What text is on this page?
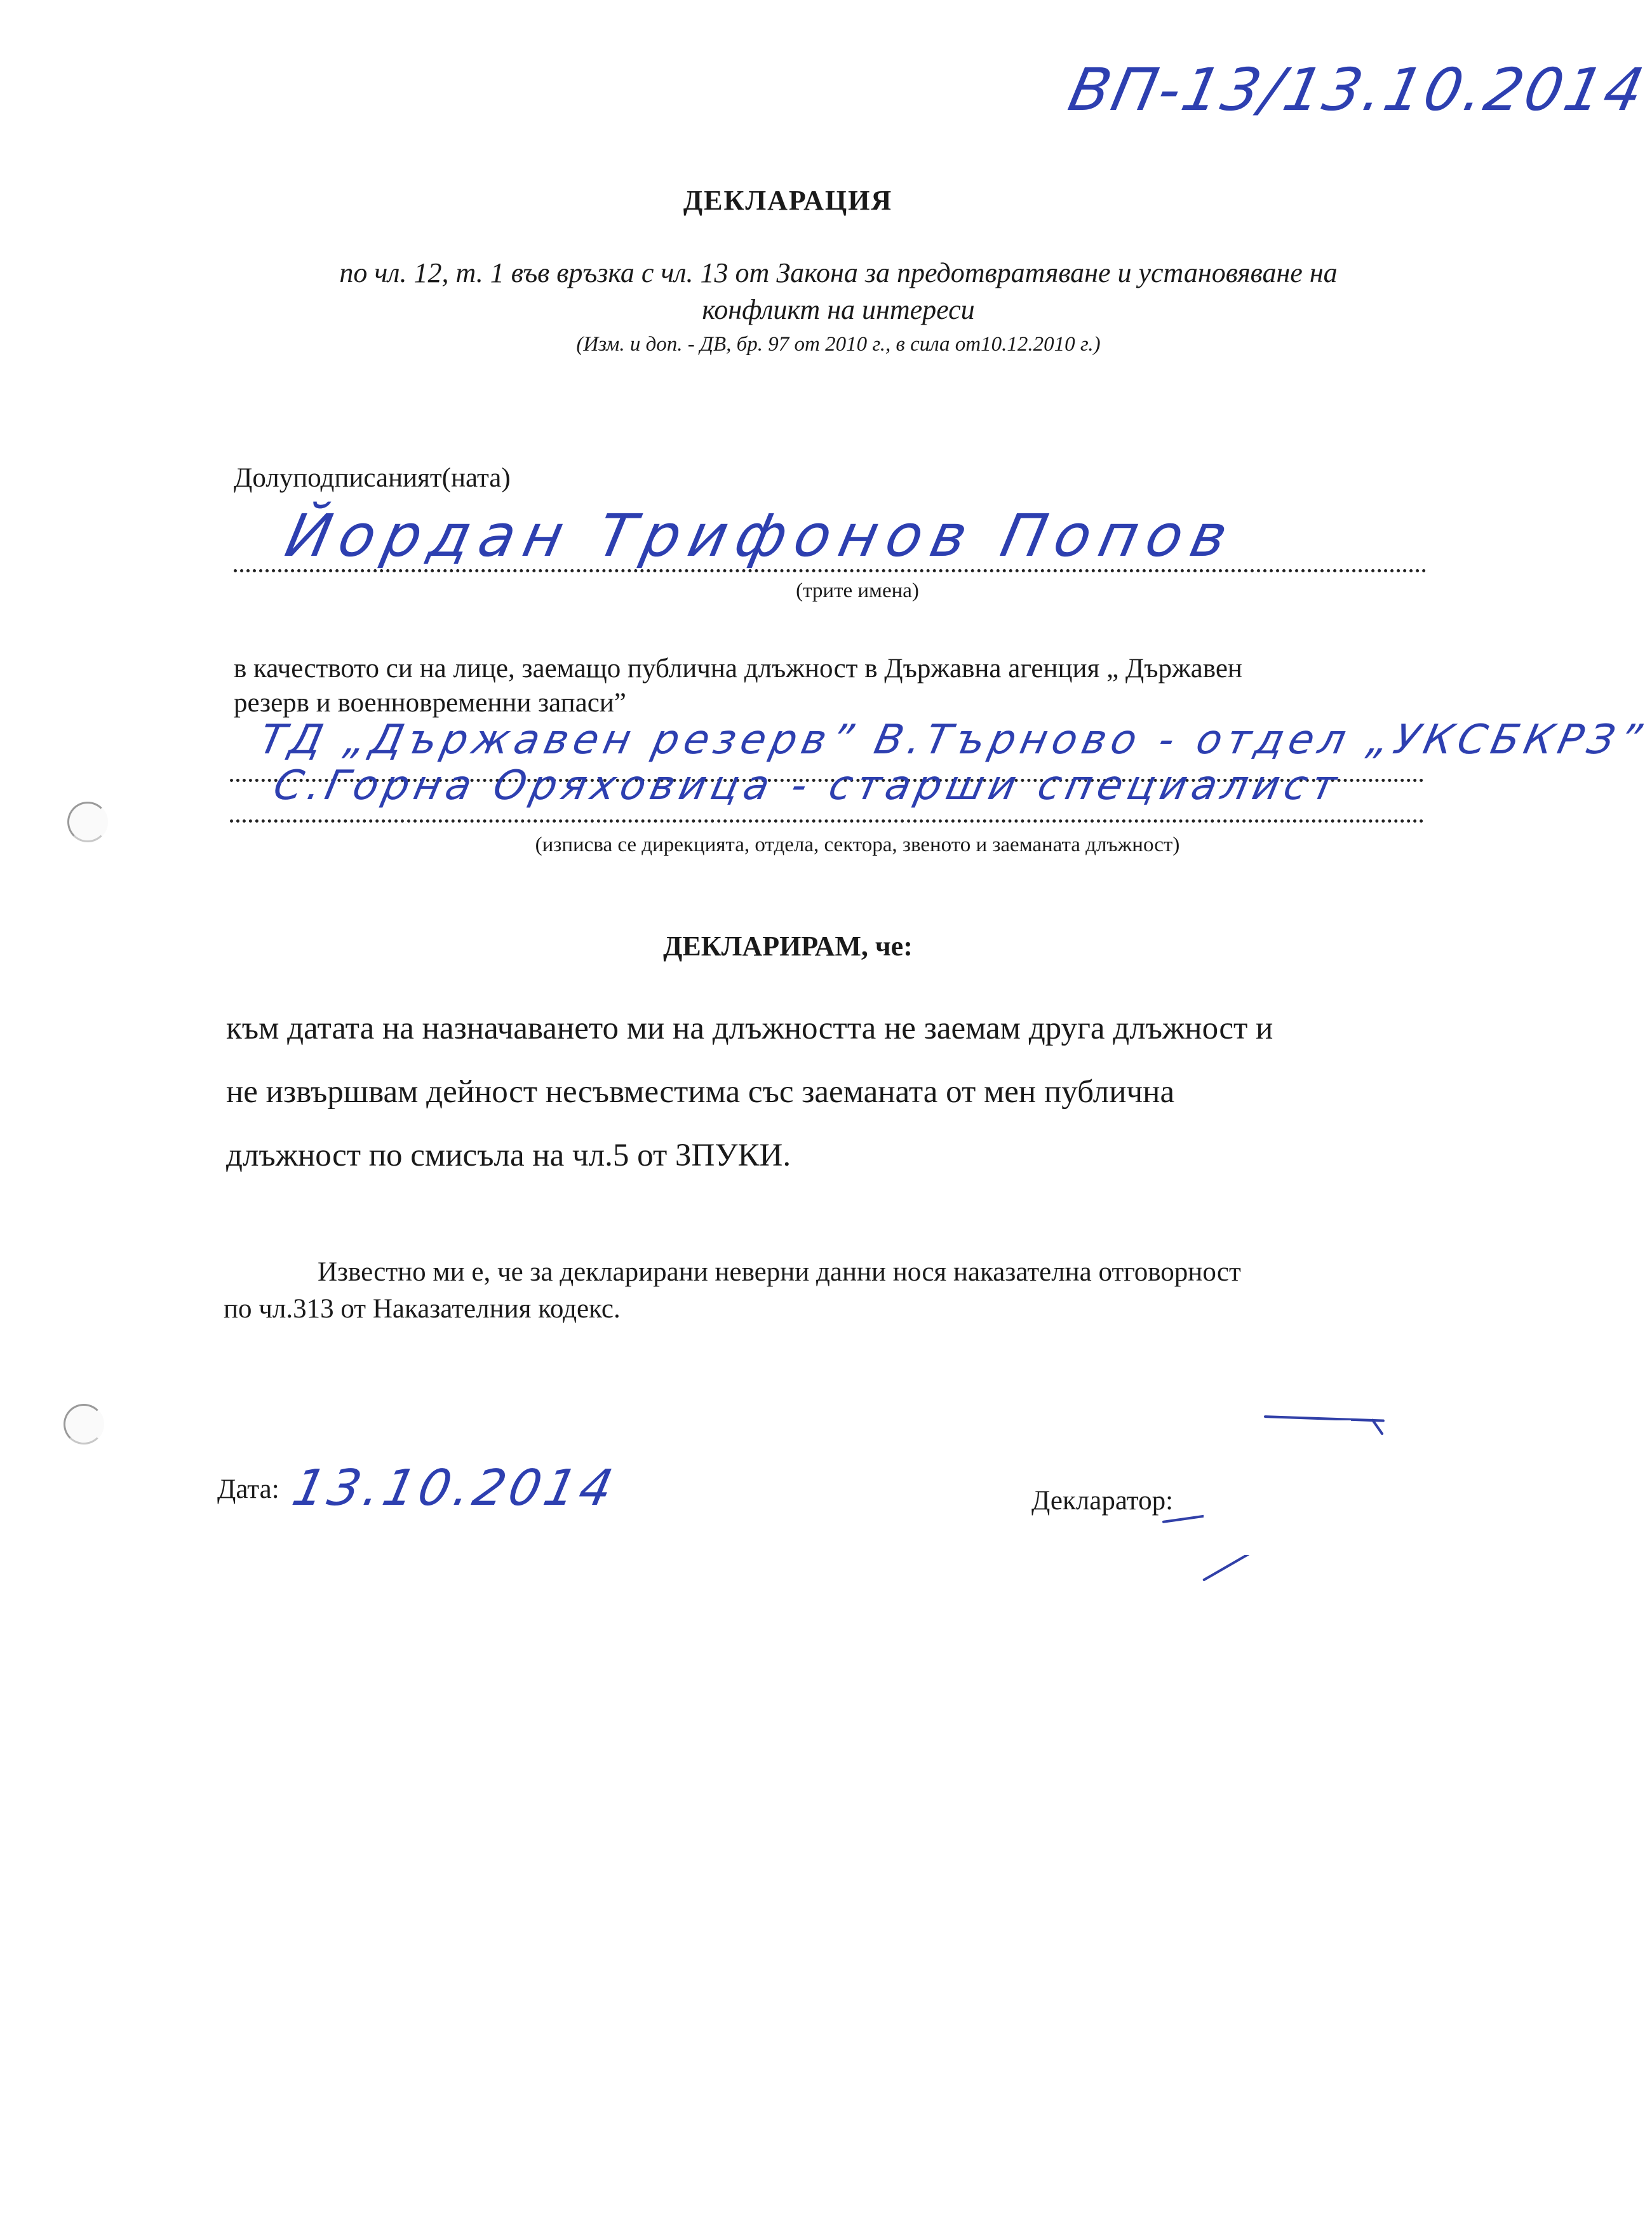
ВП-13/13.10.2014
ДЕКЛАРАЦИЯ
по чл. 12, т. 1 във връзка с чл. 13 от Закона за предотвратяване и установяване на
конфликт на интереси
(Изм. и доп. - ДВ, бр. 97 от 2010 г., в сила от10.12.2010 г.)
Долуподписаният(ната)
Йордан Трифонов Попов
(трите имена)
в качеството си на лице, заемащо публична длъжност в Държавна агенция „ Държавен
резерв и военновременни запаси”
ТД „Държавен резерв” В.Търново - отдел „УКСБКРЗ”
С.Горна Оряховица - старши специалист
(изписва се дирекцията, отдела, сектора, звеното и заеманата длъжност)
ДЕКЛАРИРАМ, че:
към датата на назначаването ми на длъжността не заемам друга длъжност и
не извършвам дейност несъвместима със заеманата от мен публична
длъжност по смисъла на чл.5 от ЗПУКИ.
Известно ми е, че за декларирани неверни данни нося наказателна отговорност
по чл.313 от Наказателния кодекс.
Дата: 13.10.2014	Декларатор:
